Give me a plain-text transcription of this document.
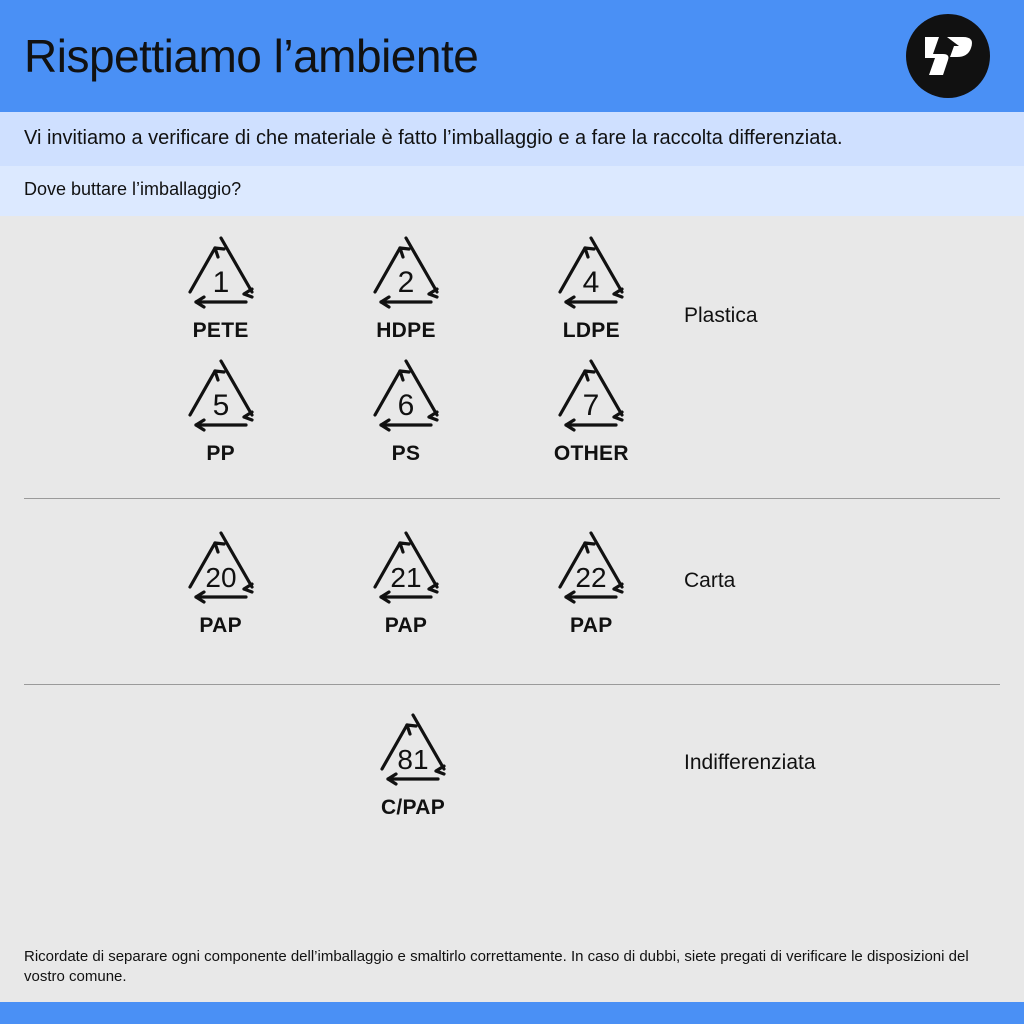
Rispettiamo l’ambiente
Vi invitiamo a verificare di che materiale è fatto l’imballaggio e a fare la raccolta differenziata.
Dove buttare l’imballaggio?
1
PETE
2
HDPE
4
LDPE
5
PP
6
PS
7
OTHER
Plastica
20
PAP
21
PAP
22
PAP
Carta
81
C/PAP
Indifferenziata
Ricordate di separare ogni componente dell’imballaggio e smaltirlo correttamente. In caso di dubbi, siete pregati di verificare le disposizioni del vostro comune.
